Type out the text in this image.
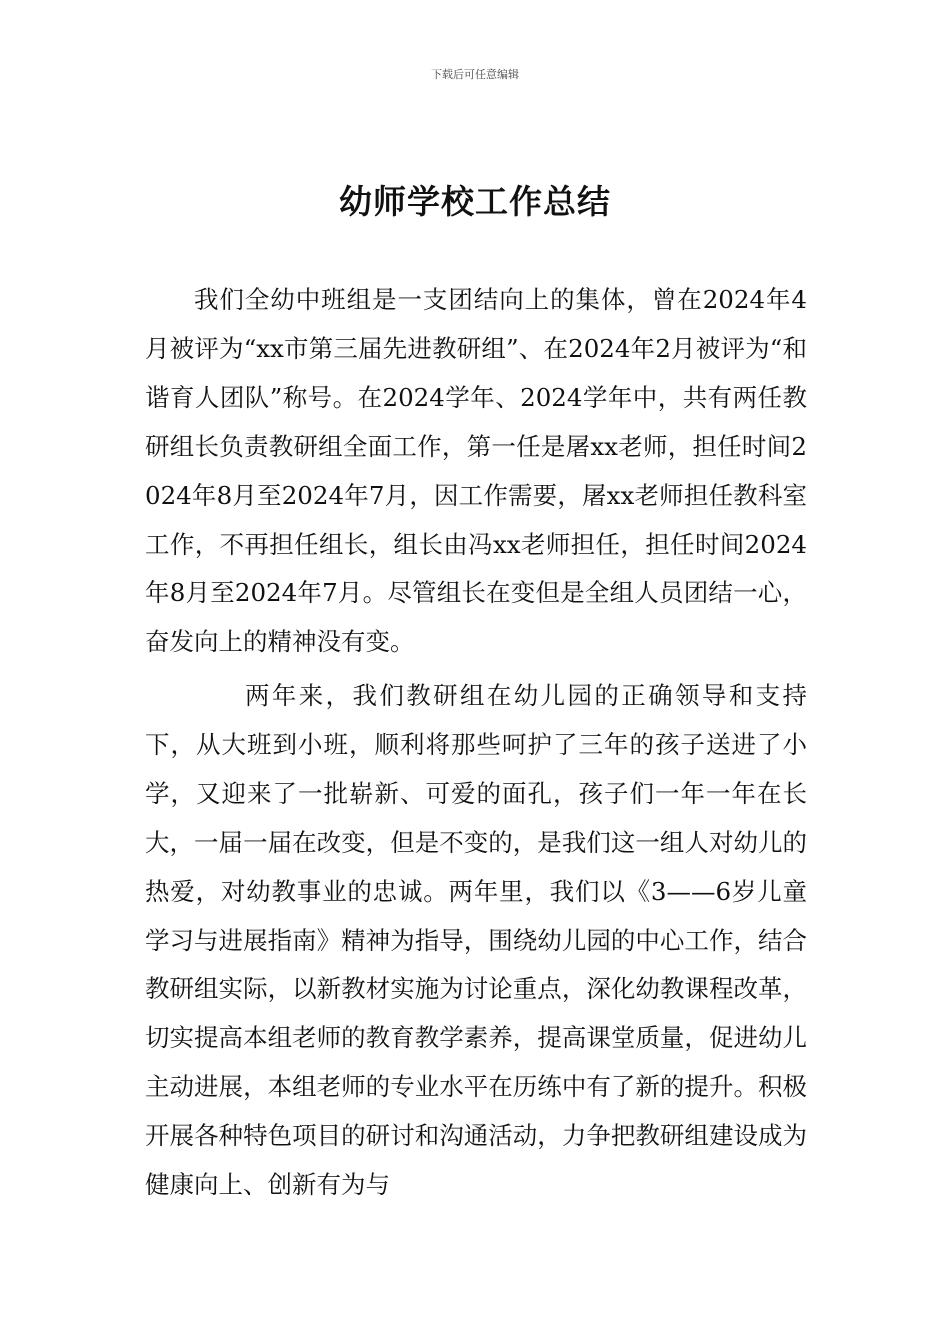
下载后可任意编辑
幼师学校工作总结

我们全幼中班组是一支团结向上的集体，曾在2024年4月被评为“xx市第三届先进教研组”、在2024年2月被评为“和谐育人团队”称号。在2024学年、2024学年中，共有两任教研组长负责教研组全面工作，第一任是屠xx老师，担任时间2024年8月至2024年7月，因工作需要，屠xx老师担任教科室工作，不再担任组长，组长由冯xx老师担任，担任时间2024年8月至2024年7月。尽管组长在变但是全组人员团结一心，奋发向上的精神没有变。

两年来，我们教研组在幼儿园的正确领导和支持下，从大班到小班，顺利将那些呵护了三年的孩子送进了小学，又迎来了一批崭新、可爱的面孔，孩子们一年一年在长大，一届一届在改变，但是不变的，是我们这一组人对幼儿的热爱，对幼教事业的忠诚。两年里，我们以《3——6岁儿童学习与进展指南》精神为指导，围绕幼儿园的中心工作，结合教研组实际，以新教材实施为讨论重点，深化幼教课程改革，切实提高本组老师的教育教学素养，提高课堂质量，促进幼儿主动进展，本组老师的专业水平在历练中有了新的提升。积极开展各种特色项目的研讨和沟通活动，力争把教研组建设成为健康向上、创新有为与
